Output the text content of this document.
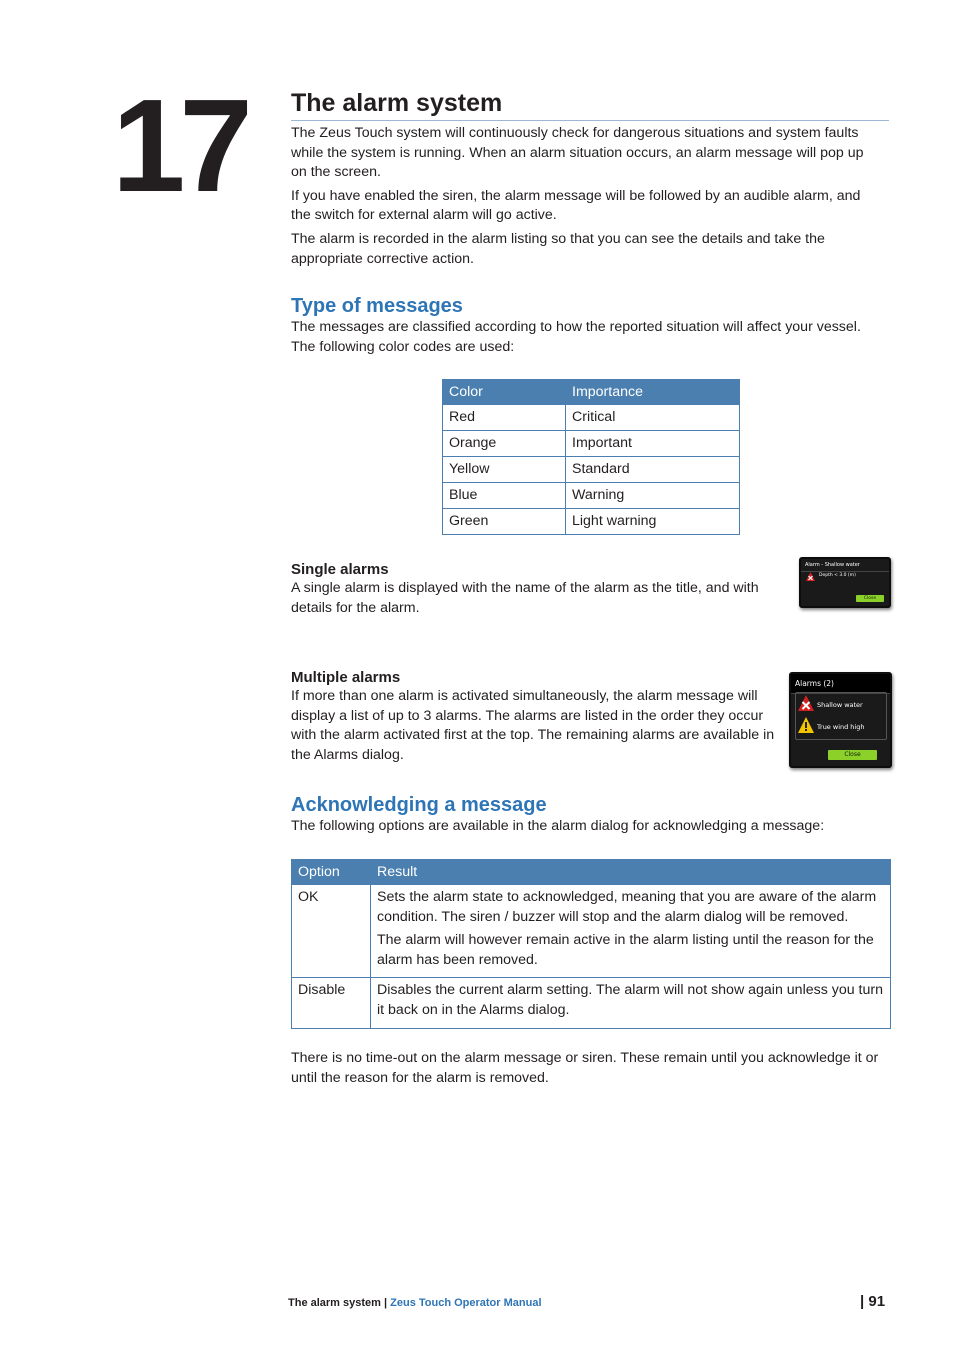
17 The alarm system

The Zeus Touch system will continuously check for dangerous situations and system faults while the system is running. When an alarm situation occurs, an alarm message will pop up on the screen.

If you have enabled the siren, the alarm message will be followed by an audible alarm, and the switch for external alarm will go active.

The alarm is recorded in the alarm listing so that you can see the details and take the appropriate corrective action.

Type of messages

The messages are classified according to how the reported situation will affect your vessel. The following color codes are used:

Color	Importance
Red	Critical
Orange	Important
Yellow	Standard
Blue	Warning
Green	Light warning
Single alarms

A single alarm is displayed with the name of the alarm as the title, and with details for the alarm.

Alarm - Shallow water
Depth < 3.0 (m)
Close
Multiple alarms

If more than one alarm is activated simultaneously, the alarm message will display a list of up to 3 alarms. The alarms are listed in the order they occur with the alarm activated first at the top. The remaining alarms are available in the Alarms dialog.

Alarms (2)
Shallow water
True wind high
Close
Acknowledging a message

The following options are available in the alarm dialog for acknowledging a message:

Option	Result
OK	Sets the alarm state to acknowledged, meaning that you are aware of the alarm condition. The siren / buzzer will stop and the alarm dialog will be removed.

The alarm will however remain active in the alarm listing until the reason for the alarm has been removed.

Disable	Disables the current alarm setting. The alarm will not show again unless you turn it back on in the Alarms dialog.

There is no time-out on the alarm message or siren. These remain until you acknowledge it or until the reason for the alarm is removed.

The alarm system | Zeus Touch Operator Manual	| 91
